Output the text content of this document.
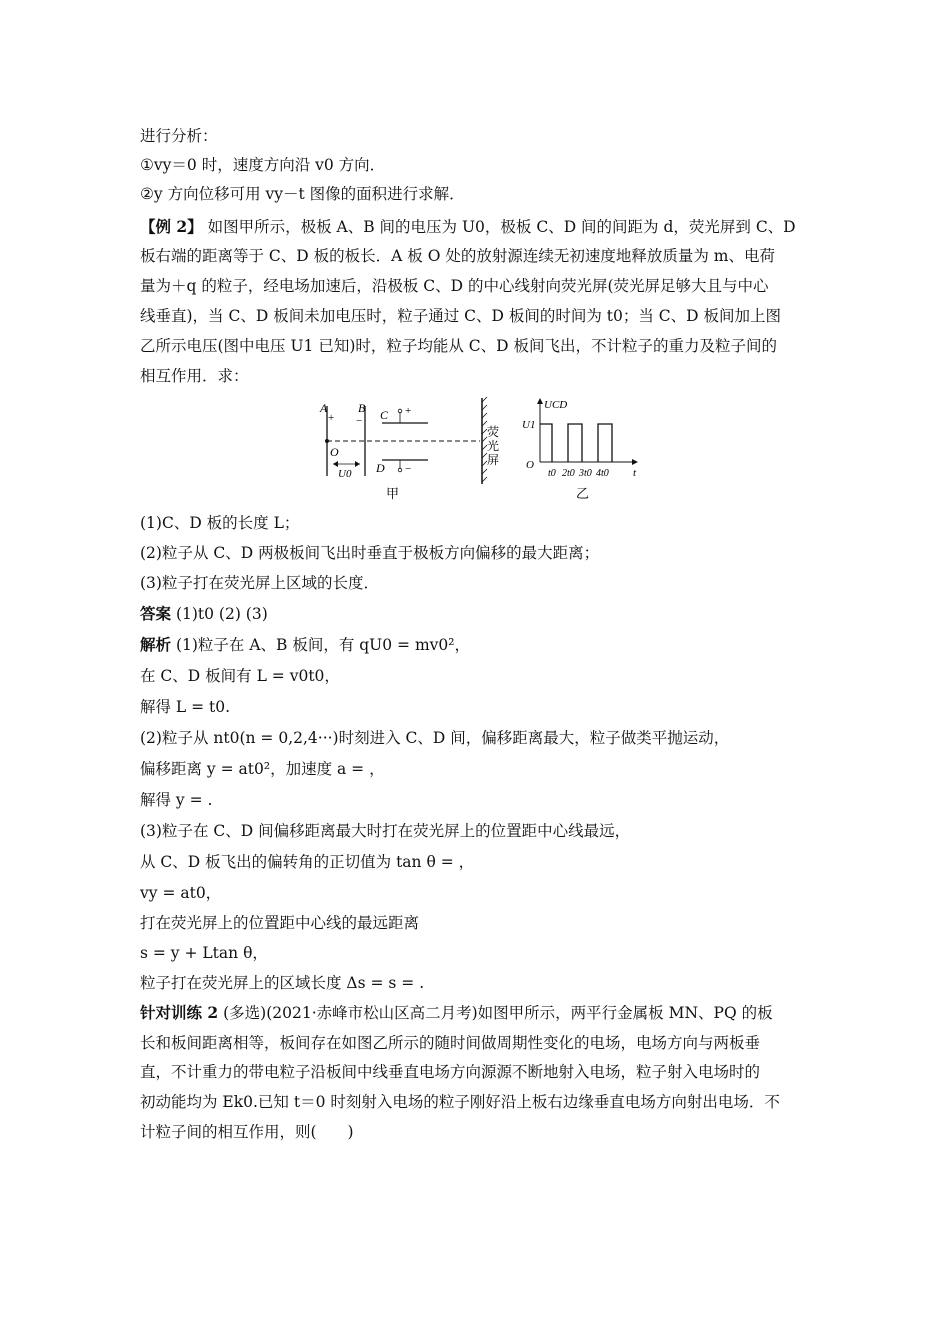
进行分析：
①vy＝0 时，速度方向沿 v0 方向．
②y 方向位移可用 vy－t 图像的面积进行求解．
【例 2】 如图甲所示，极板 A、B 间的电压为 U0，极板 C、D 间的间距为 d，荧光屏到 C、D
板右端的距离等于 C、D 板的板长．A 板 O 处的放射源连续无初速度地释放质量为 m、电荷
量为＋q 的粒子，经电场加速后，沿极板 C、D 的中心线射向荧光屏(荧光屏足够大且与中心
线垂直)，当 C、D 板间未加电压时，粒子通过 C、D 板间的时间为 t0；当 C、D 板间加上图
乙所示电压(图中电压 U1 已知)时，粒子均能从 C、D 板间飞出，不计粒子的重力及粒子间的
相互作用．求：
A
+
B
− C +
D −
O
U0
荧
光
屏
甲
UCD
U1
O
t
t0 2t0 3t0 4t0
乙
(1)C、D 板的长度 L；
(2)粒子从 C、D 两极板间飞出时垂直于极板方向偏移的最大距离；
(3)粒子打在荧光屏上区域的长度．
答案 (1)t0 (2) (3)
解析 (1)粒子在 A、B 板间，有 qU0 = mv0²，
在 C、D 板间有 L = v0t0，
解得 L = t0.
(2)粒子从 nt0(n = 0,2,4···)时刻进入 C、D 间，偏移距离最大，粒子做类平抛运动，
偏移距离 y = at0²，加速度 a = ，
解得 y = .
(3)粒子在 C、D 间偏移距离最大时打在荧光屏上的位置距中心线最远，
从 C、D 板飞出的偏转角的正切值为 tan θ = ，
vy = at0，
打在荧光屏上的位置距中心线的最远距离
s = y + Ltan θ，
粒子打在荧光屏上的区域长度 Δs = s = .
针对训练 2 (多选)(2021·赤峰市松山区高二月考)如图甲所示，两平行金属板 MN、PQ 的板
长和板间距离相等，板间存在如图乙所示的随时间做周期性变化的电场，电场方向与两板垂
直，不计重力的带电粒子沿板间中线垂直电场方向源源不断地射入电场，粒子射入电场时的
初动能均为 Ek0.已知 t＝0 时刻射入电场的粒子刚好沿上板右边缘垂直电场方向射出电场．不
计粒子间的相互作用，则(　　)
